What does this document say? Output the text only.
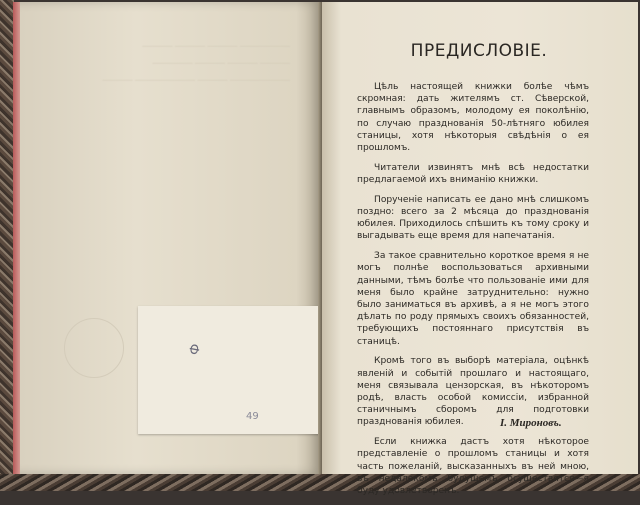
————— ——— ——— ———
——— ——— ——— ————
—————— ——— —————— ———
Ф
49
ПРЕДИСЛОВІЕ.

Цѣль настоящей книжки болѣе чѣмъ скромная: дать жителямъ ст. Сѣверской, главнымъ образомъ, молодому ея поколѣнію, по случаю празднованія 50-лѣтняго юбилея станицы, хотя нѣкоторыя свѣдѣнія о ея прошломъ.

Читатели извинятъ мнѣ всѣ недостатки предлагаемой ихъ вниманію книжки.

Порученіе написать ее дано мнѣ слишкомъ поздно: всего за 2 мѣсяца до празднованія юбилея. Приходилось спѣшить къ тому сроку и выгадывать еще время для напечатанія.

За такое сравнительно короткое время я не могъ полнѣе воспользоваться архивными данными, тѣмъ болѣе что пользованіе ими для меня было крайне затруднительно: нужно было заниматься въ архивѣ, а я не могъ этого дѣлать по роду прямыхъ своихъ обязанностей, требующихъ постояннаго присутствія въ станицѣ.

Кромѣ того въ выборѣ матеріала, оцѣнкѣ явленій и событій прошлаго и настоящаго, меня связывала цензорская, въ нѣкоторомъ родѣ, власть особой комиссіи, избранной станичнымъ сборомъ для подготовки празднованія юбилея.

Если книжка дастъ хотя нѣкоторое представленіе о прошломъ станицы и хотя часть пожеланій, высказанныхъ въ ней мною, въ недалекомъ будущемъ осуществятся—я буду удовлетворенъ.

І. Мироновъ.
